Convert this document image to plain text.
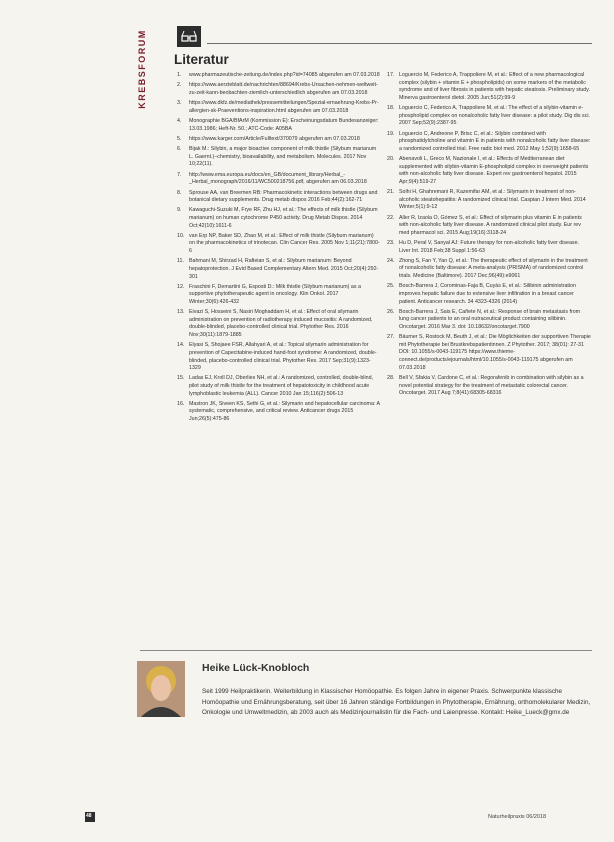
KREBSFORUM Literatur
1.	www.pharmazeutische-zeitung.de/index.php?id=74085 abgerufen am 07.03.2018
2.	https://www.aerzteblatt.de/nachrichten/88694/Krebs-Ursachen-nehmen-weltweit-zu-zeit-kann-beobachten-ziemlich-unterschiedlich abgerufen am 07.03.2018
3.	https://www.dkfz.de/mediathek/pressemitteilungen/Spezial-ernaehrung-Krebs-Pr-allergien-sk-Praeventions-inspiration.html abgerufen am 07.03.2018
4.	Monographie BGA/BfArM (Kommission E): Erscheinungsdatum Bundesanzeiger: 13.03.1986; Heft-Nr. 50.; ATC-Code: A05BA
5.	https://www.karger.com/Article/Fulltext/370079 abgerufen am 07.03.2018
6.	Bijak M.: Silybin, a major bioactive component of milk thistle (Silybum marianum L. Gaernt.)–chemistry, bioavailability, and metabolism. Molecules. 2017 Nov 10;22(11).
7.	http://www.ema.europa.eu/docs/en_GB/document_library/Herbal_-_Herbal_monograph/2016/11/WC500218756.pdf, abgerufen am 06.03.2018
8.	Sprouse AA, van Breemen RB: Pharmacokinetic interactions between drugs and botanical dietary supplements. Drug metab dispos 2016 Feb;44(2):162-71
9.	Kawaguchi-Suzuki M, Frye RF, Zhu HJ, et al.: The effects of milk thistle (Silybum marianum) on human cytochrome P450 activity. Drug Metab Dispos. 2014 Oct;42(10):1611-6
10. van Erp NP, Baker SD, Zhao M, et al.: Effect of milk thistle (Silybum marianum) on the pharmacokinetics of irinotecan. Clin Cancer Res. 2005 Nov 1;11(21):7800-6
11. Bahmani M, Shirzad H, Rafieian S, et al.: Silybum marianum: Beyond hepatoprotection. J Evid Based Complementary Altern Med. 2015 Oct;20(4):292-301
12. Fraschini F, Demartini G, Esposti D.: Milk thistle (Silybum marianum) as a supportive phytotherapeutic agent in oncology. Klin Onkol. 2017 Winter;30(6):426-432
13. Eivazi S, Hosseini S, Nasiri Moghaddam H, et al.: Effect of oral silymarin administration on prevention of radiotherapy induced mucositis: A randomized, double-blinded, placebo-controlled clinical trial. Phytother Res. 2016 Nov;30(11):1879-1885
14. Elyasi S, Shojaee FSR, Allahyari A, et al.: Topical silymarin administration for prevention of Capecitabine-induced hand-foot syndrome: A randomized, double-blinded, placebo-controlled clinical trial. Phytother Res. 2017 Sep;31(9):1323-1329
15. Ladas EJ, Kroll DJ, Oberlies NH, et al.: A randomized, controlled, double-blind, pilot study of milk thistle for the treatment of hepatotoxicity in childhood acute lymphoblastic leukemia (ALL). Cancer 2010 Jan 15;116(2):506-13
16. Mastron JK, Siveen KS, Sethi G, et al.: Silymarin and hepatocellular carcinoma: A systematic, comprehensive, and critical review. Anticancer drugs 2015 Jun;26(5):475-86
17. Loguercio M, Federico A, Trappoliere M, et al.: Effect of a new pharmacological complex (silybin + vitamin E + phospholipids) on some markers of the metabolic syndrome and of liver fibrosis in patients with hepatic steatosis. Preliminary study. Minerva gastroenterol dietol. 2005 Jun;51(2):99-9
18. Loguercio C, Federico A, Trappoliere M, et al.: The effect of a silybin-vitamin e-phospholipid complex on nonalcoholic fatty liver disease: a pilot study. Dig dis sci. 2007 Sep;52(9):2387-95
19. Loguercio C, Andreone P, Brisc C, et al.: Silybin combined with phosphatidylcholine and vitamin E in patients with nonalcoholic fatty liver disease: a randomized controlled trial. Free radic biol med. 2012 May 1;52(9):1658-65
20. Abenavoli L, Greco M, Nazionale I, et al.: Effects of Mediterranean diet supplemented with silybin-vitamin E-phospholipid complex in overweight patients with non-alcoholic fatty liver disease. Expert rev gastroenterol hepatol. 2015 Apr;9(4):519-27
21. Solhi H, Ghahremani R, Kazemifar AM, et al.: Silymarin in treatment of non-alcoholic steatohepatitis: A randomized clinical trial. Caspian J Intern Med. 2014 Winter;5(1):9-12
22. Aller R, Izaola O, Gómez S, et al.: Effect of silymarin plus vitamin E in patients with non-alcoholic fatty liver disease. A randomized clinical pilot study. Eur rev med pharmacol sci. 2015 Aug;19(16):3118-24
23. Hu D, Peral V, Sanyal AJ: Future therapy for non-alcoholic fatty liver disease. Liver Int. 2018 Feb;38 Suppl 1:56-63
24. Zhong S, Fan Y, Yan Q, et al.: The therapeutic effect of silymarin in the treatment of nonalcoholic fatty disease: A meta-analysis (PRISMA) of randomized control trials. Medicine (Baltimore). 2017 Dec;96(49):e9061
25. Bosch-Barrera J, Corominas-Faja B, Cuyàs E, et al.: Silibinin administration improves hepatic failure due to extensive liver infiltration in a breast cancer patient. Anticancer research. 34 4323-4326 (2014)
26. Bosch-Barrera J, Sais E, Cañete N, et al.: Response of brain metastasis from lung cancer patients to an oral nutraceutical product containing silibinin. Oncotarget. 2016 Mar 3. doi: 10.18632/oncotarget.7900
27. Bäumer S, Rostock M, Beuth J, et al.: Die Möglichkeiten der supportiven Therapie mit Phytotherapie bei Brustkrebspatientinnen. Z Phytother. 2017; 38(01): 27-31 DOI: 10.1055/s-0043-119175 https://www.thieme-connect.de/products/ejournals/html/10.1055/s-0043-119175 abgerufen am 07.03.2018
28. Bell V, Sfakia V, Cardone C, et al.: Regorafenib in combination with silybin as a novel potential strategy for the treatment of metastatic colorectal cancer. Oncotarget. 2017 Aug 7;8(41):68305-68316
Heike Lück-Knobloch
Seit 1999 Heilpraktikerin. Weiterbildung in Klassischer Homöopathie. Es folgen Jahre in eigener Praxis. Schwerpunkte klassische Homöopathie und Ernährungsberatung, seit über 16 Jahren ständige Fortbildungen in Phytotherapie, Ernährung, orthomolekularer Medizin, Onkologie und Umweltmedizin, ab 2003 auch als Medizinjournalistin für die Fach- und Laienpresse. Kontakt: Heike_Lueck@gmx.de
48	Naturheilpraxis 06/2018
